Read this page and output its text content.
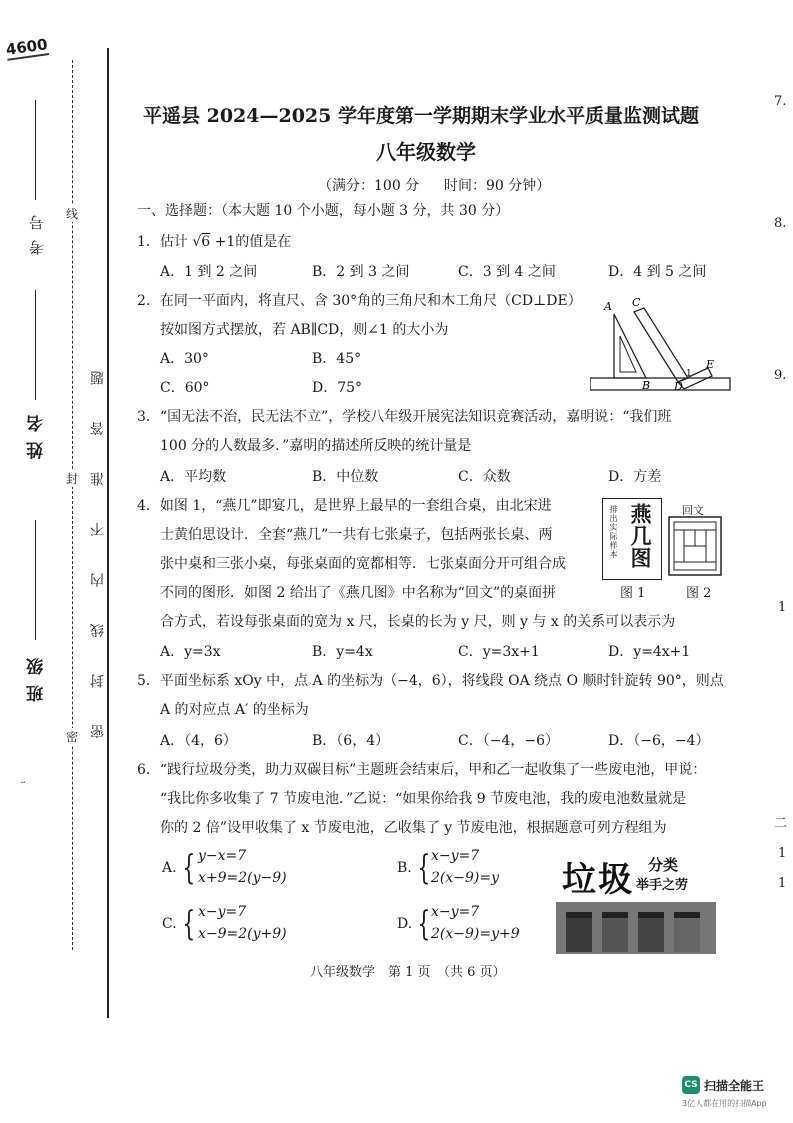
4600
考号
姓名
班级
¨
线
封
密 密 封 线 内 不 准 答 题
7.
8.
9.
1
二
1
1
平遥县 2024—2025 学年度第一学期期末学业水平质量监测试题
八年级数学
（满分：100 分 时间：90 分钟）
一、选择题：（本大题 10 个小题，每小题 3 分，共 30 分）
1．估计 √6 +1的值是在
A．1 到 2 之间	B．2 到 3 之间	C．3 到 4 之间	D．4 到 5 之间
2．在同一平面内，将直尺、含 30°角的三角尺和木工角尺（CD⊥DE）
按如图方式摆放，若 AB∥CD，则∠1 的大小为
A．30°	B．45°
C．60°	D．75°
A C
E
B D
1
3．“国无法不治，民无法不立”，学校八年级开展宪法知识竞赛活动，嘉明说：“我们班
100 分的人数最多．”嘉明的描述所反映的统计量是
A．平均数	B．中位数	C．众数	D．方差
4．如图 1，“燕几”即宴几，是世界上最早的一套组合桌，由北宋进
士黄伯思设计．全套“燕几”一共有七张桌子，包括两张长桌、两
张中桌和三张小桌，每张桌面的宽都相等．七张桌面分开可组合成
不同的图形．如图 2 给出了《燕几图》中名称为“回文”的桌面拼
合方式，若设每张桌面的宽为 x 尺，长桌的长为 y 尺，则 y 与 x 的关系可以表示为
A．y=3x	B．y=4x	C．y=3x+1	D．y=4x+1
排出实际样本 燕几图
图 1
回文
图 2
5．平面坐标系 xOy 中，点 A 的坐标为（−4，6），将线段 OA 绕点 O 顺时针旋转 90°，则点
A 的对应点 A′ 的坐标为
A．（4，6）	B．（6，4）	C．（−4，−6）	D．（−6，−4）
6．“践行垃圾分类，助力双碳目标”主题班会结束后，甲和乙一起收集了一些废电池，甲说：
“我比你多收集了 7 节废电池．”乙说：“如果你给我 9 节废电池，我的废电池数量就是
你的 2 倍”设甲收集了 x 节废电池，乙收集了 y 节废电池，根据题意可列方程组为
A. { y−x=7
x+9=2(y−9)
B. { x−y=7
2(x−9)=y
C. { x−y=7
x−9=2(y+9)
D. { x−y=7
2(x−9)=y+9
垃圾 分类
举手之劳
八年级数学　第 1 页　（共 6 页）
CS 扫描全能王
3亿人都在用的扫描App
